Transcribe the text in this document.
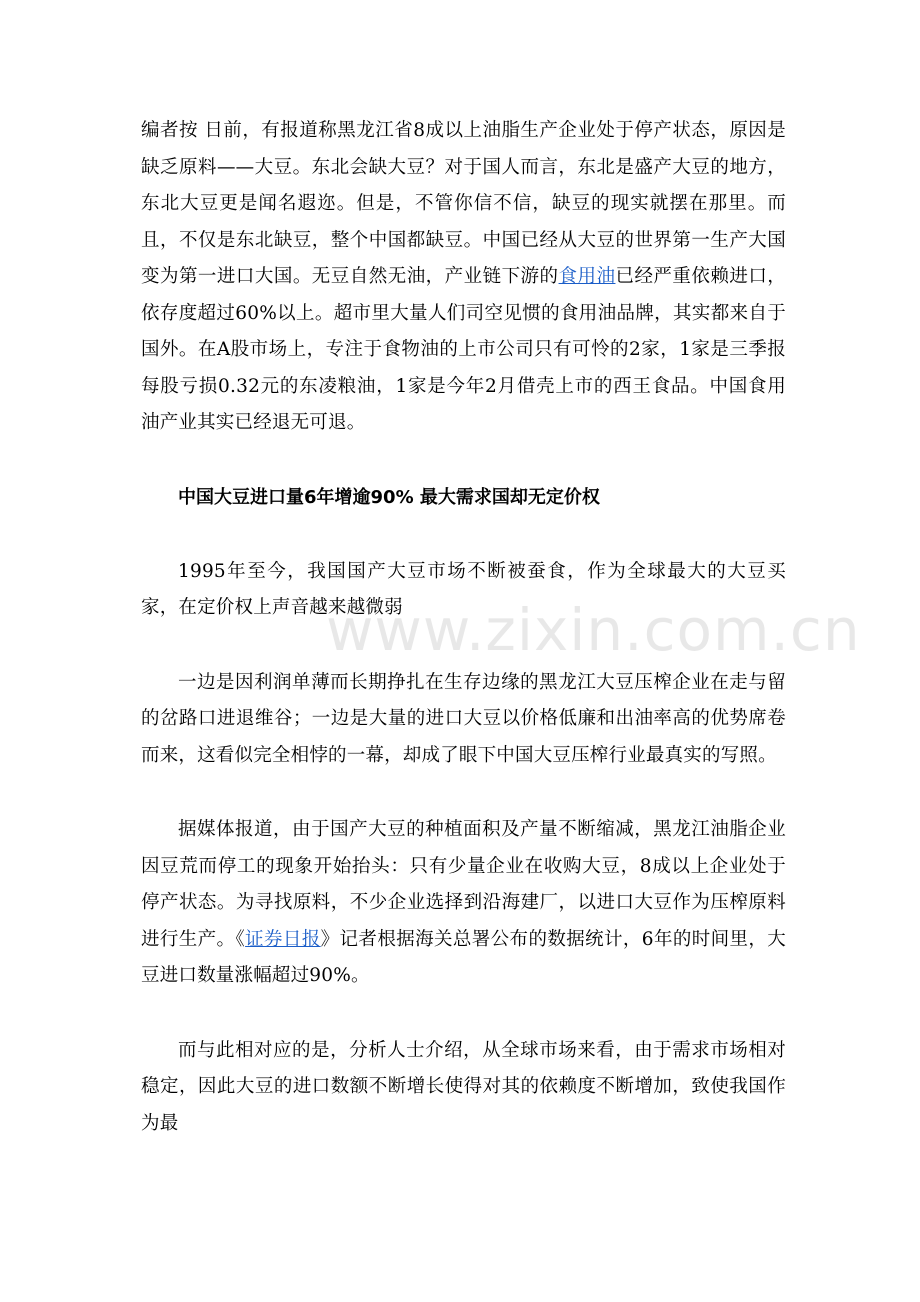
编者按 日前，有报道称黑龙江省8成以上油脂生产企业处于停产状态，原因是缺乏原料——大豆。东北会缺大豆？对于国人而言，东北是盛产大豆的地方，东北大豆更是闻名遐迩。但是，不管你信不信，缺豆的现实就摆在那里。而且，不仅是东北缺豆，整个中国都缺豆。中国已经从大豆的世界第一生产大国变为第一进口大国。无豆自然无油，产业链下游的食用油已经严重依赖进口，依存度超过60%以上。超市里大量人们司空见惯的食用油品牌，其实都来自于国外。在A股市场上，专注于食物油的上市公司只有可怜的2家，1家是三季报每股亏损0.32元的东凌粮油，1家是今年2月借壳上市的西王食品。中国食用油产业其实已经退无可退。

中国大豆进口量6年增逾90% 最大需求国却无定价权

1995年至今，我国国产大豆市场不断被蚕食，作为全球最大的大豆买家，在定价权上声音越来越微弱

一边是因利润单薄而长期挣扎在生存边缘的黑龙江大豆压榨企业在走与留的岔路口进退维谷；一边是大量的进口大豆以价格低廉和出油率高的优势席卷而来，这看似完全相悖的一幕，却成了眼下中国大豆压榨行业最真实的写照。

据媒体报道，由于国产大豆的种植面积及产量不断缩减，黑龙江油脂企业因豆荒而停工的现象开始抬头：只有少量企业在收购大豆，8成以上企业处于停产状态。为寻找原料，不少企业选择到沿海建厂，以进口大豆作为压榨原料进行生产。《证券日报》记者根据海关总署公布的数据统计，6年的时间里，大豆进口数量涨幅超过90%。

而与此相对应的是，分析人士介绍，从全球市场来看，由于需求市场相对稳定，因此大豆的进口数额不断增长使得对其的依赖度不断增加，致使我国作为最

www.zixin.com.cn
